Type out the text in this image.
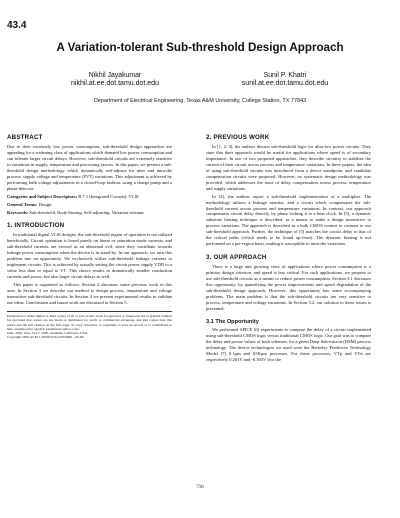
43.4
A Variation-tolerant Sub-threshold Design Approach
Nikhil Jayakumar
nikhil.at.ee.dot.tamu.dot.edu
Sunil P. Khatri
sunil.at.ee.dot.tamu.dot.edu
Department of Electrical Engineering, Texas A&M University, College Station, TX 77843
ABSTRACT

Due to their extremely low power consumption, sub-threshold design approaches are appealing for a widening class of applications which demand low power consumption and can tolerate larger circuit delays. However, sub-threshold circuits are extremely sensitive to variations in supply, temperature and processing factors. In this paper, we present a sub-threshold design methodology which dynamically self-adjusts for inter and intra-die process, supply voltage and temperature (PVT) variations. This adjustment is achieved by performing bulk voltage adjustments in a closed-loop fashion, using a charge pump and a phase-detector.

Categories and Subject Descriptors: B.7.1 [Integrated Circuits]: VLSI

General Terms: Design

Keywords: Sub-threshold, Body-biasing, Self-adjusting, Variation-tolerant

1. INTRODUCTION

In traditional digital VLSI designs, the sub-threshold region of operation is not utilized beneficially. Circuit operation is based purely on linear or saturation mode currents, and sub-threshold currents are viewed as an abnormal evil, since they contribute towards leakage power consumption when the device is in stand-by. In our approach, we turn this problem into an opportunity. We exclusively utilize sub-threshold leakage currents to implement circuits. This is achieved by actually setting the circuit power supply VDD to a value less than or equal to VT. This choice results in dramatically smaller conduction currents and power, but also larger circuit delays as well.

This paper is organized as follows: Section 2 discusses some previous work in this area. In Section 3 we describe our method to design process, temperature and voltage insensitive sub-threshold circuits. In Section 4 we present experimental results to validate our ideas. Conclusions and future work are discussed in Section 5.

Permission to make digital or hard copies of all or part of this work for personal or classroom use is granted without fee provided that copies are not made or distributed for profit or commercial advantage and that copies bear this notice and the full citation on the first page. To copy otherwise, to republish, to post on servers or to redistribute to lists, requires prior specific permission and/or a fee.
DAC 2005, June 13-17, 2005, Anaheim, California, USA.
Copyright 2005 ACM 1-59593-058-2/05/0006 ...$5.00.
2. PREVIOUS WORK

In [1, 2, 3], the authors discuss sub-threshold logic for ultra-low power circuits. They state that their approach would be useful for applications where speed is of secondary importance. In one of two proposed approaches, they describe circuitry to stabilize the current of their circuit across process and temperature variations. In these papers, the idea of using sub-threshold circuits was introduced from a device standpoint, and candidate compensation circuits were proposed. However, no systematic design methodology was provided, which addresses the issue of delay compensation across process, temperature and supply variations.

In [4], the authors report a sub-threshold implementation of a multiplier. The methodology utilizes a leakage monitor, and a circuit which compensates the sub-threshold current across process and temperature variations. In contrast, our approach compensates circuit delay directly, by phase locking it to a beat clock. In [5], a dynamic substrate biasing technique is described, as a means to make a design insensitive to process variations. The approach is described in a bulk CMOS context in contrast to our sub-threshold approach. Further, the technique of [5] matches the circuit delay to that of the critical paths (which needs to be found up-front). The dynamic biasing is not performed on a per-region basis, making it susceptible to intra-die variations.

3. OUR APPROACH

There is a large and growing class of applications where power consumption is a primary design criterion, and speed is less critical. For such applications, we propose to use sub-threshold circuits as a means to reduce power consumption. Section 3.1 discusses this opportunity, by quantifying the power improvements and speed degradation of the sub-threshold design approach. However, this opportunity has some accompanying problems. The main problem is that the sub-threshold circuits are very sensitive to process, temperature and voltage variations. In Section 3.2, our solution to these issues is presented.

3.1 The Opportunity

We performed SPICE [6] experiments to compare the delay of a circuit implemented using sub-threshold CMOS logic versus traditional CMOS logic. Our goal was to compare the delay and power values of both schemes, for a given Deep Sub-micron (DSM) process technology. The device technologies we used were the Berkeley Predictive Technology Model [7] 0.1µm and 65Kµm processes. For these processes, VTp and VTn are respectively 0.261V and -0.303V (for the

716
